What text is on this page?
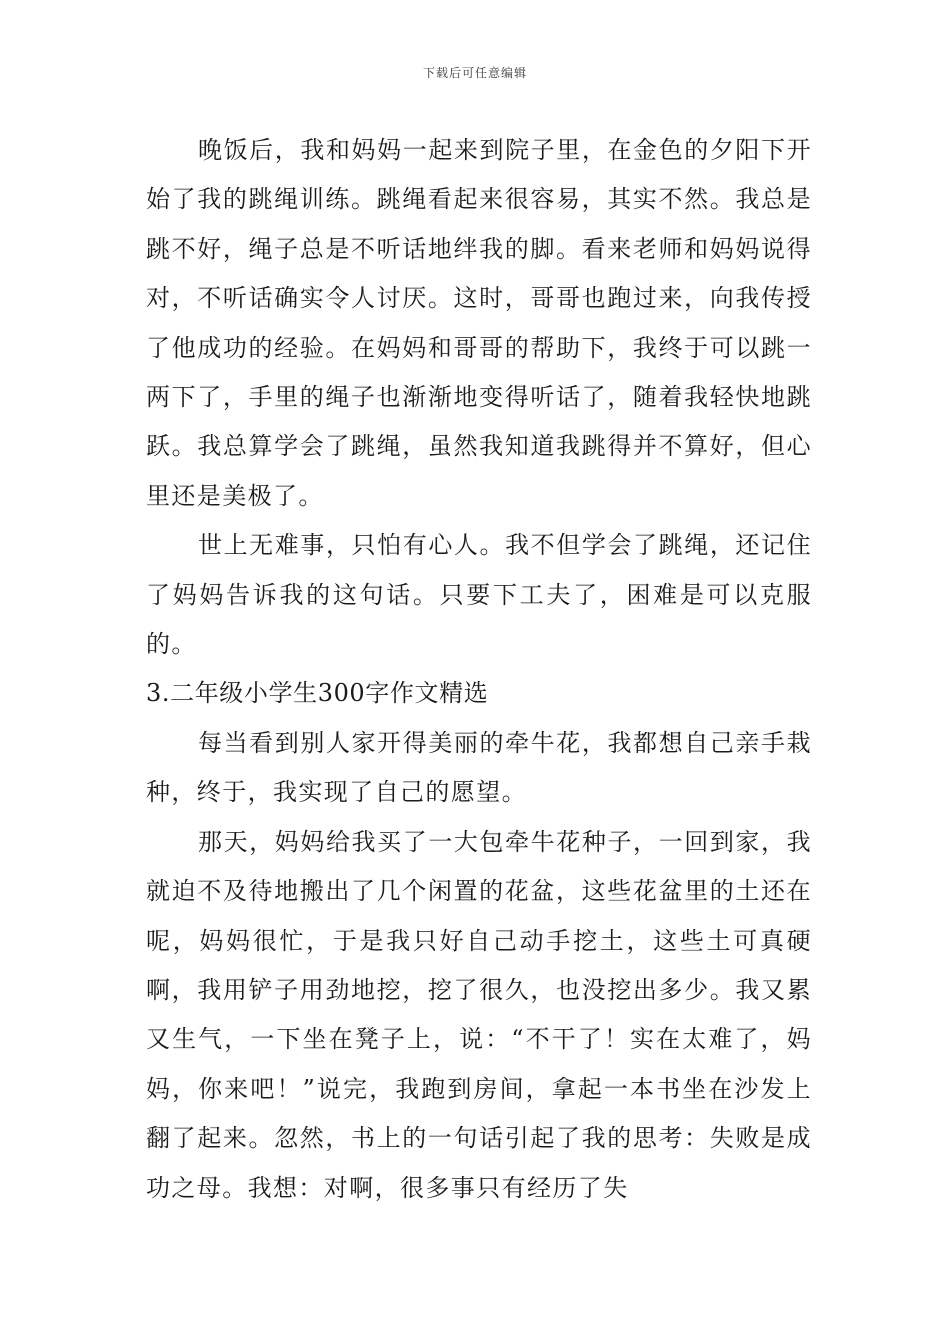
下载后可任意编辑

晚饭后，我和妈妈一起来到院子里，在金色的夕阳下开始了我的跳绳训练。跳绳看起来很容易，其实不然。我总是跳不好，绳子总是不听话地绊我的脚。看来老师和妈妈说得对，不听话确实令人讨厌。这时，哥哥也跑过来，向我传授了他成功的经验。在妈妈和哥哥的帮助下，我终于可以跳一两下了，手里的绳子也渐渐地变得听话了，随着我轻快地跳跃。我总算学会了跳绳，虽然我知道我跳得并不算好，但心里还是美极了。

世上无难事，只怕有心人。我不但学会了跳绳，还记住了妈妈告诉我的这句话。只要下工夫了，困难是可以克服的。

3.二年级小学生300字作文精选

每当看到别人家开得美丽的牵牛花，我都想自己亲手栽种，终于，我实现了自己的愿望。

那天，妈妈给我买了一大包牵牛花种子，一回到家，我就迫不及待地搬出了几个闲置的花盆，这些花盆里的土还在呢，妈妈很忙，于是我只好自己动手挖土，这些土可真硬啊，我用铲子用劲地挖，挖了很久，也没挖出多少。我又累又生气，一下坐在凳子上，说：“不干了！实在太难了，妈妈，你来吧！”说完，我跑到房间，拿起一本书坐在沙发上翻了起来。忽然，书上的一句话引起了我的思考：失败是成功之母。我想：对啊，很多事只有经历了失
